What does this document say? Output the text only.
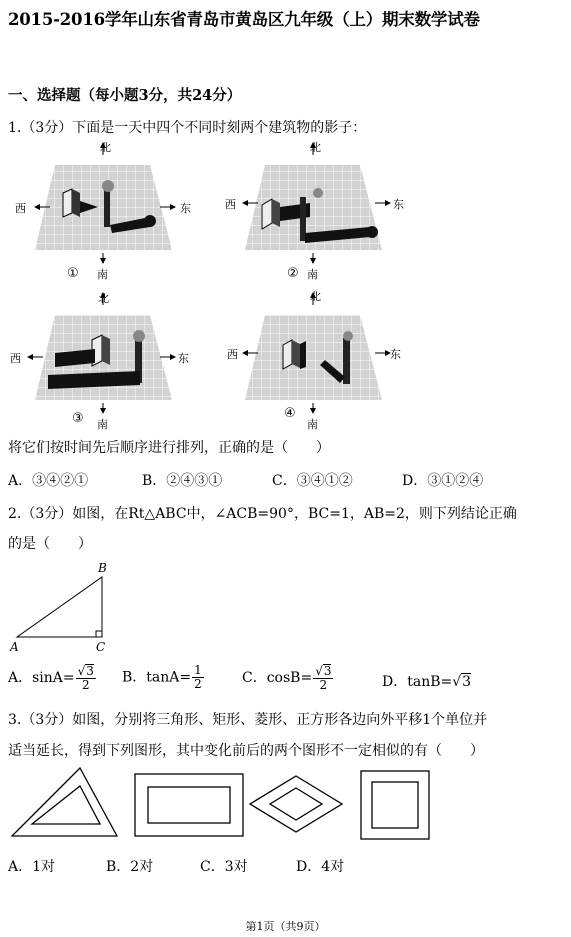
2015-2016学年山东省青岛市黄岛区九年级（上）期末数学试卷
一、选择题（每小题3分，共24分）
1.（3分）下面是一天中四个不同时刻两个建筑物的影子：
北
南
西	东
①
北
南
西	东
②
北
南
西	东
③
北
南
西	东
④
将它们按时间先后顺序进行排列，正确的是（　　）
A．③④②①	B．②④③①	C．③④①②	D．③①②④
2.（3分）如图，在Rt△ABC中，∠ACB=90°，BC=1，AB=2，则下列结论正确
的是（　　）
B
A	C
A．$\sin A= \frac{√3}{2}$ B．$\tan A= \frac{1}{2}$	C．$\cos B= \frac{√3}{2}$	D．tanB=√3
3.（3分）如图，分别将三角形、矩形、菱形、正方形各边向外平移1个单位并
适当延长，得到下列图形，其中变化前后的两个图形不一定相似的有（　　）
A．1对	B．2对	C．3对	D．4对
第1页（共9页）
